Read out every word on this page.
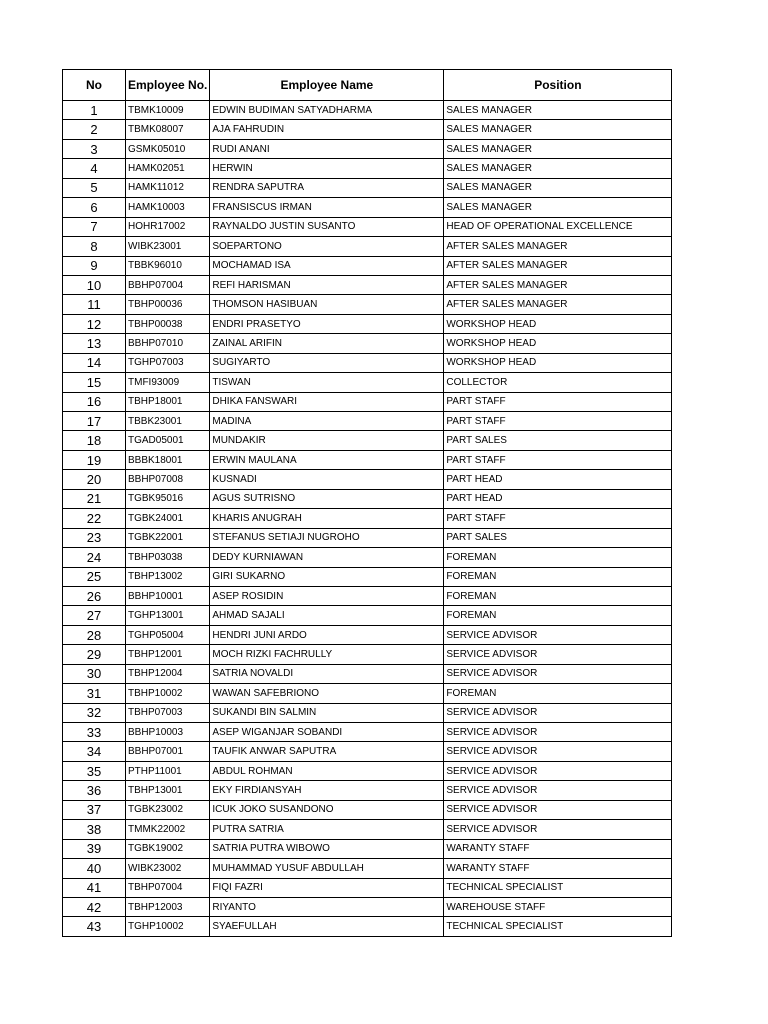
No	Employee No.	Employee Name	Position
1	TBMK10009	EDWIN BUDIMAN SATYADHARMA	SALES MANAGER
2	TBMK08007	AJA FAHRUDIN	SALES MANAGER
3	GSMK05010	RUDI ANANI	SALES MANAGER
4	HAMK02051	HERWIN	SALES MANAGER
5	HAMK11012	RENDRA SAPUTRA	SALES MANAGER
6	HAMK10003	FRANSISCUS IRMAN	SALES MANAGER
7	HOHR17002	RAYNALDO JUSTIN SUSANTO	HEAD OF OPERATIONAL EXCELLENCE
8	WIBK23001	SOEPARTONO	AFTER SALES MANAGER
9	TBBK96010	MOCHAMAD ISA	AFTER SALES MANAGER
10	BBHP07004	REFI HARISMAN	AFTER SALES MANAGER
11	TBHP00036	THOMSON HASIBUAN	AFTER SALES MANAGER
12	TBHP00038	ENDRI PRASETYO	WORKSHOP HEAD
13	BBHP07010	ZAINAL ARIFIN	WORKSHOP HEAD
14	TGHP07003	SUGIYARTO	WORKSHOP HEAD
15	TMFI93009	TISWAN	COLLECTOR
16	TBHP18001	DHIKA FANSWARI	PART STAFF
17	TBBK23001	MADINA	PART STAFF
18	TGAD05001	MUNDAKIR	PART SALES
19	BBBK18001	ERWIN MAULANA	PART STAFF
20	BBHP07008	KUSNADI	PART HEAD
21	TGBK95016	AGUS SUTRISNO	PART HEAD
22	TGBK24001	KHARIS ANUGRAH	PART STAFF
23	TGBK22001	STEFANUS SETIAJI NUGROHO	PART SALES
24	TBHP03038	DEDY KURNIAWAN	FOREMAN
25	TBHP13002	GIRI SUKARNO	FOREMAN
26	BBHP10001	ASEP ROSIDIN	FOREMAN
27	TGHP13001	AHMAD SAJALI	FOREMAN
28	TGHP05004	HENDRI JUNI ARDO	SERVICE ADVISOR
29	TBHP12001	MOCH RIZKI FACHRULLY	SERVICE ADVISOR
30	TBHP12004	SATRIA NOVALDI	SERVICE ADVISOR
31	TBHP10002	WAWAN SAFEBRIONO	FOREMAN
32	TBHP07003	SUKANDI BIN SALMIN	SERVICE ADVISOR
33	BBHP10003	ASEP WIGANJAR SOBANDI	SERVICE ADVISOR
34	BBHP07001	TAUFIK ANWAR SAPUTRA	SERVICE ADVISOR
35	PTHP11001	ABDUL ROHMAN	SERVICE ADVISOR
36	TBHP13001	EKY FIRDIANSYAH	SERVICE ADVISOR
37	TGBK23002	ICUK JOKO SUSANDONO	SERVICE ADVISOR
38	TMMK22002	PUTRA SATRIA	SERVICE ADVISOR
39	TGBK19002	SATRIA PUTRA WIBOWO	WARANTY STAFF
40	WIBK23002	MUHAMMAD YUSUF ABDULLAH	WARANTY STAFF
41	TBHP07004	FIQI FAZRI	TECHNICAL SPECIALIST
42	TBHP12003	RIYANTO	WAREHOUSE STAFF
43	TGHP10002	SYAEFULLAH	TECHNICAL SPECIALIST
